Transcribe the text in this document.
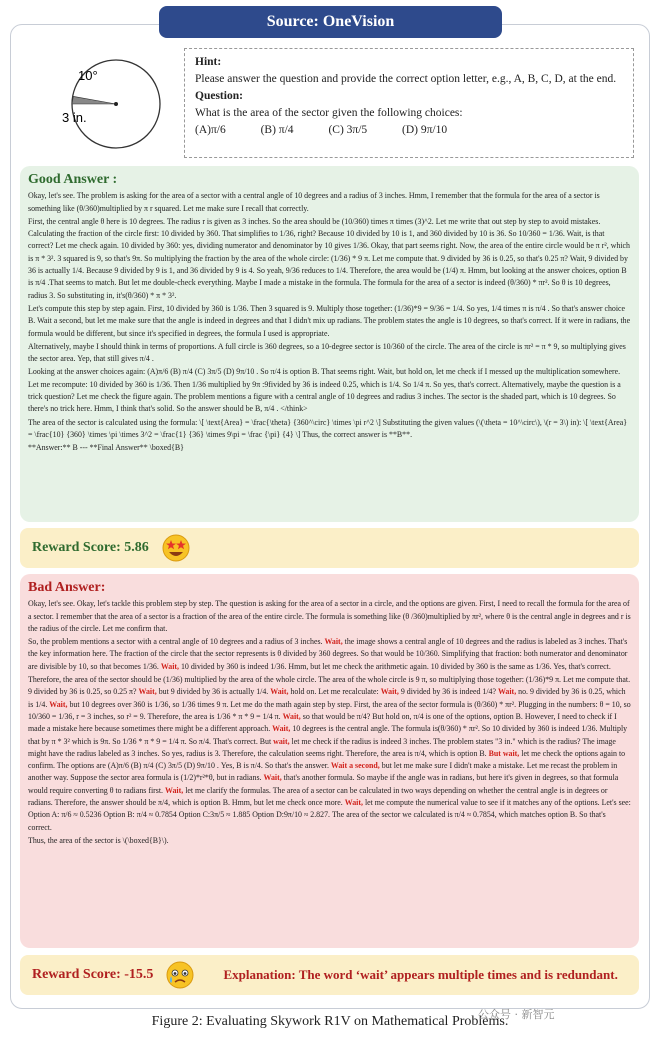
Source: OneVision
10°
3 in.
Hint:
Please answer the question and provide the correct option letter, e.g., A, B, C, D, at the end.
Question:
What is the area of the sector given the following choices:
(A)π/6	(B) π/4	(C) 3π/5	(D) 9π/10
Good Answer :

Okay, let's see. The problem is asking for the area of a sector with a central angle of 10 degrees and a radius of 3 inches. Hmm, I remember that the formula for the area of a sector is something like (θ/360)multiplied by π r squared. Let me make sure I recall that correctly.

First, the central angle θ here is 10 degrees. The radius r is given as 3 inches. So the area should be (10/360) times π times (3)^2. Let me write that out step by step to avoid mistakes. Calculating the fraction of the circle first: 10 divided by 360. That simplifies to 1/36, right? Because 10 divided by 10 is 1, and 360 divided by 10 is 36. So 10/360 = 1/36. Wait, is that correct? Let me check again. 10 divided by 360: yes, dividing numerator and denominator by 10 gives 1/36. Okay, that part seems right. Now, the area of the entire circle would be π r², which is π * 3². 3 squared is 9, so that's 9π. So multiplying the fraction by the area of the whole circle: (1/36) * 9 π. Let me compute that. 9 divided by 36 is 0.25, so that's 0.25 π? Wait, 9 divided by 36 is actually 1/4. Because 9 divided by 9 is 1, and 36 divided by 9 is 4. So yeah, 9/36 reduces to 1/4. Therefore, the area would be (1/4) π. Hmm, but looking at the answer choices, option B is π/4 .That seems to match. But let me double-check everything. Maybe I made a mistake in the formula. The formula for the area of a sector is indeed (θ/360) * πr². So θ is 10 degrees, radius 3. So substituting in, it's(θ/360) * π * 3².

Let's compute this step by step again. First, 10 divided by 360 is 1/36. Then 3 squared is 9. Multiply those together: (1/36)*9 = 9/36 = 1/4. So yes, 1/4 times π is π/4 . So that's answer choice B. Wait a second, but let me make sure that the angle is indeed in degrees and that I didn't mix up radians. The problem states the angle is 10 degrees, so that's correct. If it were in radians, the formula would be different, but since it's specified in degrees, the formula I used is appropriate.

Alternatively, maybe I should think in terms of proportions. A full circle is 360 degrees, so a 10-degree sector is 10/360 of the circle. The area of the circle is πr² = π * 9, so multiplying gives the sector area. Yep, that still gives π/4 .

Looking at the answer choices again: (A)π/6 (B) π/4 (C) 3π/5 (D) 9π/10 . So π/4 is option B. That seems right. Wait, but hold on, let me check if I messed up the multiplication somewhere. Let me recompute: 10 divided by 360 is 1/36. Then 1/36 multiplied by 9π :9fivided by 36 is indeed 0.25, which is 1/4. So 1/4 π. So yes, that's correct. Alternatively, maybe the question is a trick question? Let me check the figure again. The problem mentions a figure with a central angle of 10 degrees and radius 3 inches. The sector is the shaded part, which is 10 degrees. So there's no trick here. Hmm, I think that's solid. So the answer should be B, π/4 . </think>

The area of the sector is calculated using the formula: \[ \text{Area} = \frac{\theta} {360^\circ} \times \pi r^2 \] Substituting the given values (\(\theta = 10^\circ\), \(r = 3\) in): \[ \text{Area} = \frac{10} {360} \times \pi \times 3^2 = \frac{1} {36} \times 9\pi = \frac {\pi} {4} \] Thus, the correct answer is **B**.

**Answer:** B --- **Final Answer** \boxed{B}

Reward Score: 5.86
Bad Answer:

Okay, let's see. Okay, let's tackle this problem step by step. The question is asking for the area of a sector in a circle, and the options are given. First, I need to recall the formula for the area of a sector. I remember that the area of a sector is a fraction of the area of the entire circle. The formula is something like (θ /360)multiplied by πr², where θ is the central angle in degrees and r is the radius of the circle. Let me confirm that.

So, the problem mentions a sector with a central angle of 10 degrees and a radius of 3 inches. Wait, the image shows a central angle of 10 degrees and the radius is labeled as 3 inches. That's the key information here. The fraction of the circle that the sector represents is θ divided by 360 degrees. So that would be 10/360. Simplifying that fraction: both numerator and denominator are divisible by 10, so that becomes 1/36. Wait, 10 divided by 360 is indeed 1/36. Hmm, but let me check the arithmetic again. 10 divided by 360 is the same as 1/36. Yes, that's correct.

Therefore, the area of the sector should be (1/36) multiplied by the area of the whole circle. The area of the whole circle is 9 π, so multiplying those together: (1/36)*9 π. Let me compute that. 9 divided by 36 is 0.25, so 0.25 π? Wait, but 9 divided by 36 is actually 1/4. Wait, hold on. Let me recalculate: Wait, 9 divided by 36 is indeed 1/4? Wait, no. 9 divided by 36 is 0.25, which is 1/4. Wait, but 10 degrees over 360 is 1/36, so 1/36 times 9 π. Let me do the math again step by step. First, the area of the sector formula is (θ/360) * πr². Plugging in the numbers: θ = 10, so 10/360 = 1/36, r = 3 inches, so r² = 9. Therefore, the area is 1/36 * π * 9 = 1/4 π. Wait, so that would be π/4? But hold on, π/4 is one of the options, option B. However, I need to check if I made a mistake here because sometimes there might be a different approach. Wait, 10 degrees is the central angle. The formula is(θ/360) * πr². So 10 divided by 360 is indeed 1/36. Multiply that by π * 3² which is 9π. So 1/36 * π * 9 = 1/4 π. So π/4. That's correct. But wait, let me check if the radius is indeed 3 inches. The problem states "3 in." which is the radius? The image might have the radius labeled as 3 inches. So yes, radius is 3. Therefore, the calculation seems right. Therefore, the area is π/4, which is option B. But wait, let me check the options again to confirm. The options are (A)π/6 (B) π/4 (C) 3π/5 (D) 9π/10 . Yes, B is π/4. So that's the answer. Wait a second, but let me make sure I didn't make a mistake. Let me recast the problem in another way. Suppose the sector area formula is (1/2)*r²*θ, but in radians. Wait, that's another formula. So maybe if the angle was in radians, but here it's given in degrees, so that formula would require converting θ to radians first. Wait, let me clarify the formulas. The area of a sector can be calculated in two ways depending on whether the central angle is in degrees or radians. Therefore, the answer should be π/4, which is option B. Hmm, but let me check once more. Wait, let me compute the numerical value to see if it matches any of the options. Let's see: Option A: π/6 ≈ 0.5236 Option B: π/4 ≈ 0.7854 Option C:3π/5 ≈ 1.885 Option D:9π/10 ≈ 2.827. The area of the sector we calculated is π/4 ≈ 0.7854, which matches option B. So that's correct.

Thus, the area of the sector is \(\boxed{B}\).

Reward Score: -15.5	Explanation: The word ‘wait’ appears multiple times and is redundant.
Figure 2: Evaluating Skywork R1V on Mathematical Problems.
公众号 · 新智元
